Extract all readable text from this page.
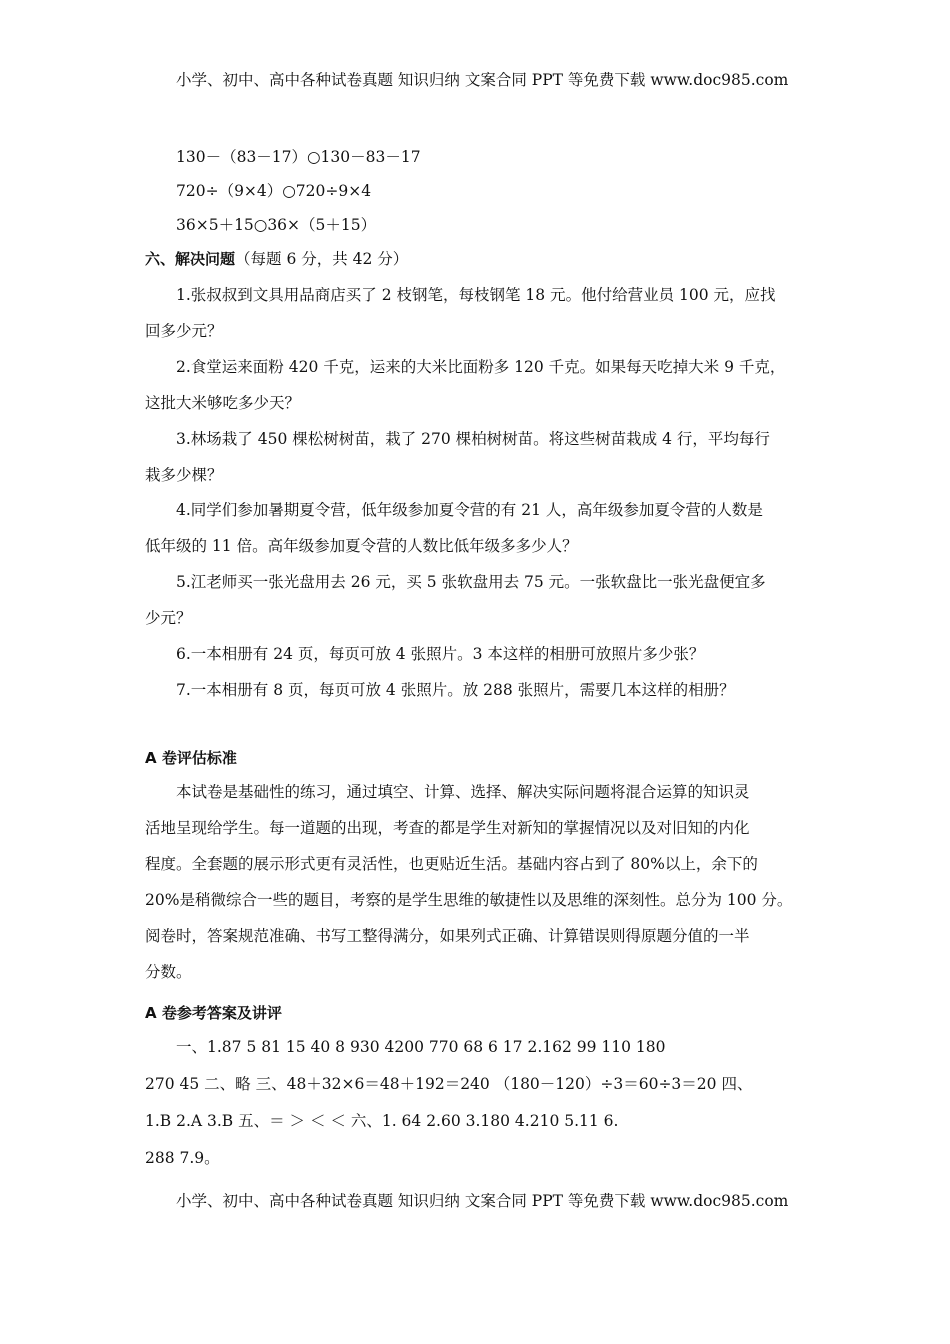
小学、初中、高中各种试卷真题 知识归纳 文案合同 PPT 等免费下载 www.doc985.com
130－（83－17）○130－83－17
720÷（9×4）○720÷9×4
36×5＋15○36×（5＋15）
六、解决问题（每题 6 分，共 42 分）
1.张叔叔到文具用品商店买了 2 枝钢笔，每枝钢笔 18 元。他付给营业员 100 元，应找
回多少元？
2.食堂运来面粉 420 千克，运来的大米比面粉多 120 千克。如果每天吃掉大米 9 千克，
这批大米够吃多少天？
3.林场栽了 450 棵松树树苗，栽了 270 棵柏树树苗。将这些树苗栽成 4 行，平均每行
栽多少棵？
4.同学们参加暑期夏令营，低年级参加夏令营的有 21 人，高年级参加夏令营的人数是
低年级的 11 倍。高年级参加夏令营的人数比低年级多多少人？
5.江老师买一张光盘用去 26 元，买 5 张软盘用去 75 元。一张软盘比一张光盘便宜多
少元？
6.一本相册有 24 页，每页可放 4 张照片。3 本这样的相册可放照片多少张？
7.一本相册有 8 页，每页可放 4 张照片。放 288 张照片，需要几本这样的相册？
A 卷评估标准
本试卷是基础性的练习，通过填空、计算、选择、解决实际问题将混合运算的知识灵
活地呈现给学生。每一道题的出现，考查的都是学生对新知的掌握情况以及对旧知的内化
程度。全套题的展示形式更有灵活性，也更贴近生活。基础内容占到了 80%以上，余下的
20%是稍微综合一些的题目，考察的是学生思维的敏捷性以及思维的深刻性。总分为 100 分。
阅卷时，答案规范准确、书写工整得满分，如果列式正确、计算错误则得原题分值的一半
分数。
A 卷参考答案及讲评
一、1.87 5 81 15 40 8 930 4200 770 68 6 17 2.162 99 110 180
270 45 二、略 三、48＋32×6＝48＋192＝240 （180－120）÷3＝60÷3＝20 四、
1.B 2.A 3.B 五、＝ ＞ ＜ ＜ 六、1. 64 2.60 3.180 4.210 5.11 6.
288 7.9。
小学、初中、高中各种试卷真题 知识归纳 文案合同 PPT 等免费下载 www.doc985.com
